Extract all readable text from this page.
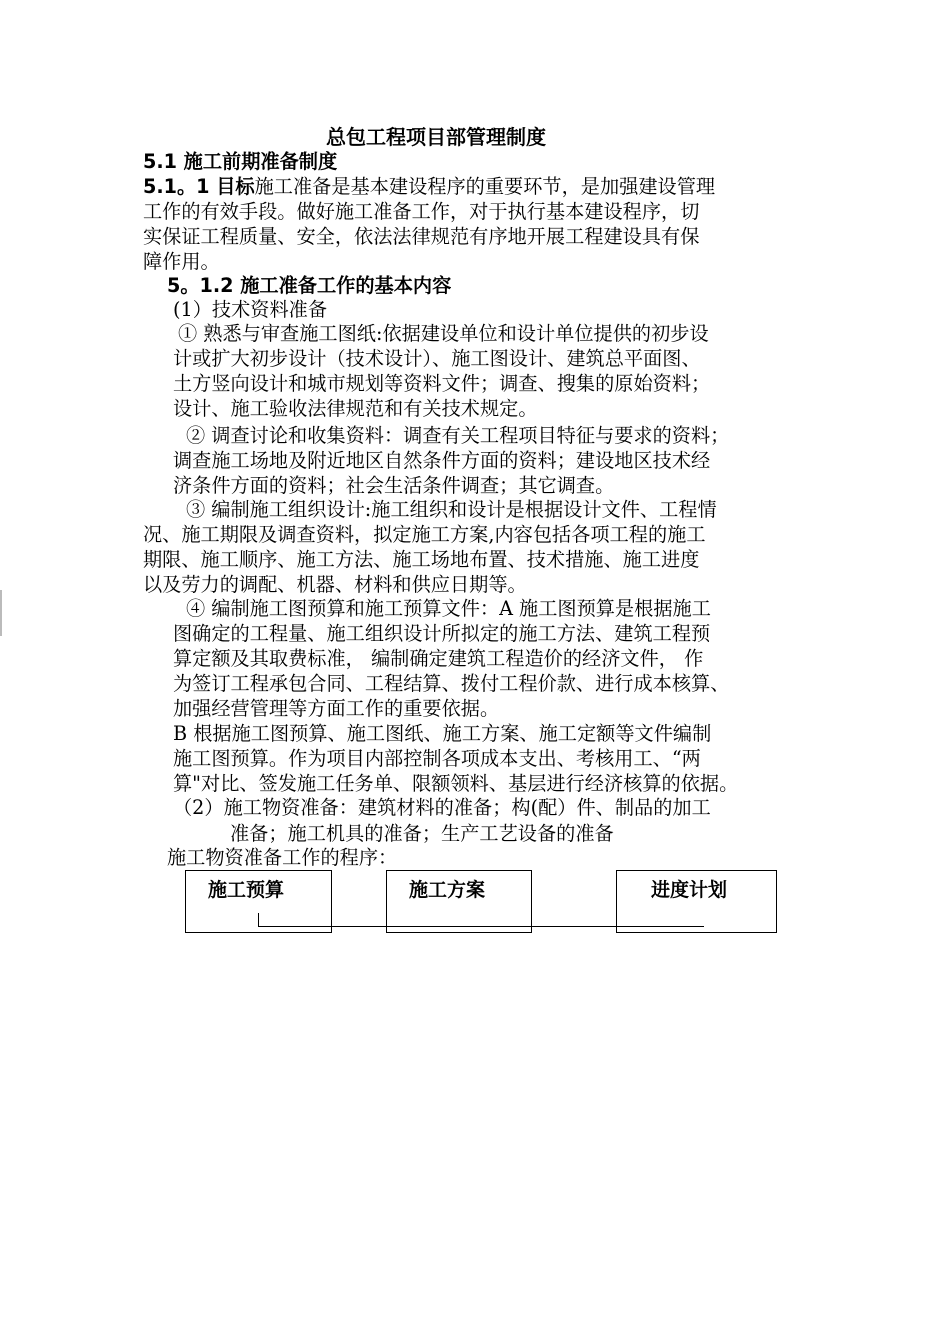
总包工程项目部管理制度
5.1 施工前期准备制度
5.1。1 目标施工准备是基本建设程序的重要环节，是加强建设管理
工作的有效手段。做好施工准备工作，对于执行基本建设程序，切
实保证工程质量、安全，依法法律规范有序地开展工程建设具有保
障作用。
5。1.2 施工准备工作的基本内容
(1）技术资料准备
① 熟悉与审查施工图纸:依据建设单位和设计单位提供的初步设
计或扩大初步设计（技术设计）、施工图设计、建筑总平面图、
土方竖向设计和城市规划等资料文件；调查、搜集的原始资料；
设计、施工验收法律规范和有关技术规定。
② 调查讨论和收集资料：调查有关工程项目特征与要求的资料；
调查施工场地及附近地区自然条件方面的资料；建设地区技术经
济条件方面的资料；社会生活条件调查；其它调查。
③ 编制施工组织设计:施工组织和设计是根据设计文件、工程情
况、施工期限及调查资料，拟定施工方案,内容包括各项工程的施工
期限、施工顺序、施工方法、施工场地布置、技术措施、施工进度
以及劳力的调配、机器、材料和供应日期等。
④ 编制施工图预算和施工预算文件：A 施工图预算是根据施工
图确定的工程量、施工组织设计所拟定的施工方法、建筑工程预
算定额及其取费标准， 编制确定建筑工程造价的经济文件， 作
为签订工程承包合同、工程结算、拨付工程价款、进行成本核算、
加强经营管理等方面工作的重要依据。
B 根据施工图预算、施工图纸、施工方案、施工定额等文件编制
施工图预算。作为项目内部控制各项成本支出、考核用工、“两
算"对比、签发施工任务单、限额领料、基层进行经济核算的依据。
（2）施工物资准备：建筑材料的准备；构(配）件、制品的加工
准备；施工机具的准备；生产工艺设备的准备
施工物资准备工作的程序：
施工预算	施工方案	进度计划
